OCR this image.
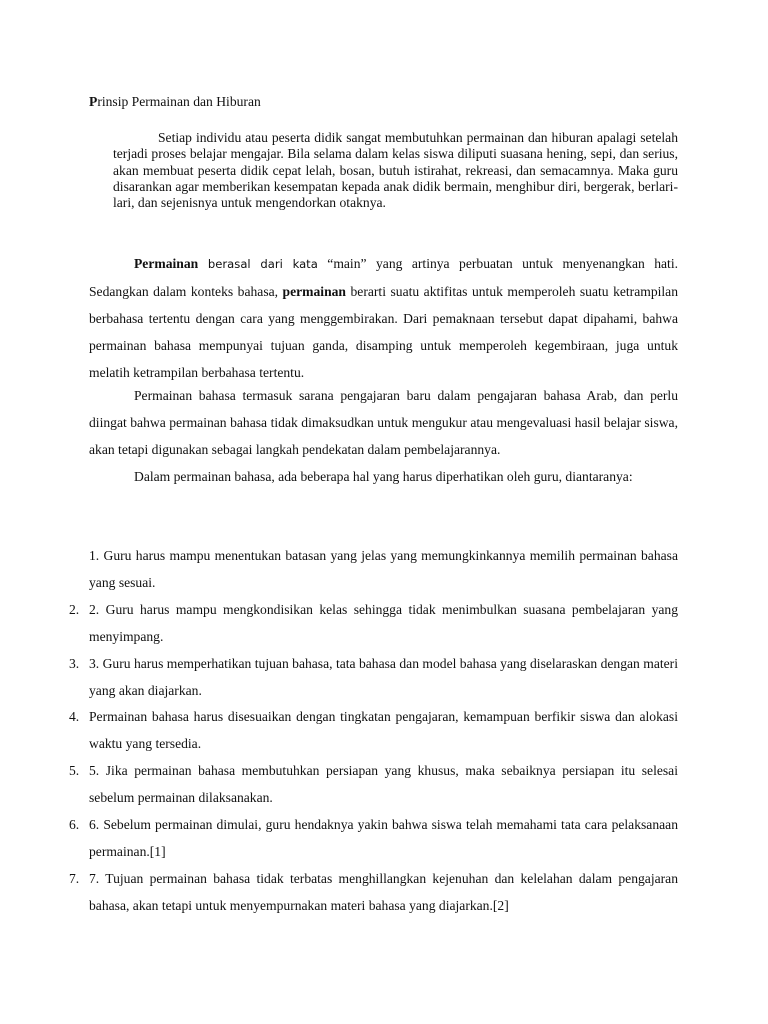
Prinsip Permainan dan Hiburan

Setiap individu atau peserta didik sangat membutuhkan permainan dan hiburan apalagi setelah terjadi proses belajar mengajar. Bila selama dalam kelas siswa diliputi suasana hening, sepi, dan serius, akan membuat peserta didik cepat lelah, bosan, butuh istirahat, rekreasi, dan semacamnya. Maka guru disarankan agar memberikan kesempatan kepada anak didik bermain, menghibur diri, bergerak, berlari-lari, dan sejenisnya untuk mengendorkan otaknya.

Permainan berasal dari kata “main” yang artinya perbuatan untuk menyenangkan hati. Sedangkan dalam konteks bahasa, permainan berarti suatu aktifitas untuk memperoleh suatu ketrampilan berbahasa tertentu dengan cara yang menggembirakan. Dari pemaknaan tersebut dapat dipahami, bahwa permainan bahasa mempunyai tujuan ganda, disamping untuk memperoleh kegembiraan, juga untuk melatih ketrampilan berbahasa tertentu.

Permainan bahasa termasuk sarana pengajaran baru dalam pengajaran bahasa Arab, dan perlu diingat bahwa permainan bahasa tidak dimaksudkan untuk mengukur atau mengevaluasi hasil belajar siswa, akan tetapi digunakan sebagai langkah pendekatan dalam pembelajarannya.

Dalam permainan bahasa, ada beberapa hal yang harus diperhatikan oleh guru, diantaranya:

1. Guru harus mampu menentukan batasan yang jelas yang memungkinkannya memilih permainan bahasa yang sesuai.

2. 2. Guru harus mampu mengkondisikan kelas sehingga tidak menimbulkan suasana pembelajaran yang menyimpang.

3. 3. Guru harus memperhatikan tujuan bahasa, tata bahasa dan model bahasa yang diselaraskan dengan materi yang akan diajarkan.

4. Permainan bahasa harus disesuaikan dengan tingkatan pengajaran, kemampuan berfikir siswa dan alokasi waktu yang tersedia.

5. 5. Jika permainan bahasa membutuhkan persiapan yang khusus, maka sebaiknya persiapan itu selesai sebelum permainan dilaksanakan.

6. 6. Sebelum permainan dimulai, guru hendaknya yakin bahwa siswa telah memahami tata cara pelaksanaan permainan.[1]

7. 7. Tujuan permainan bahasa tidak terbatas menghillangkan kejenuhan dan kelelahan dalam pengajaran bahasa, akan tetapi untuk menyempurnakan materi bahasa yang diajarkan.[2]
